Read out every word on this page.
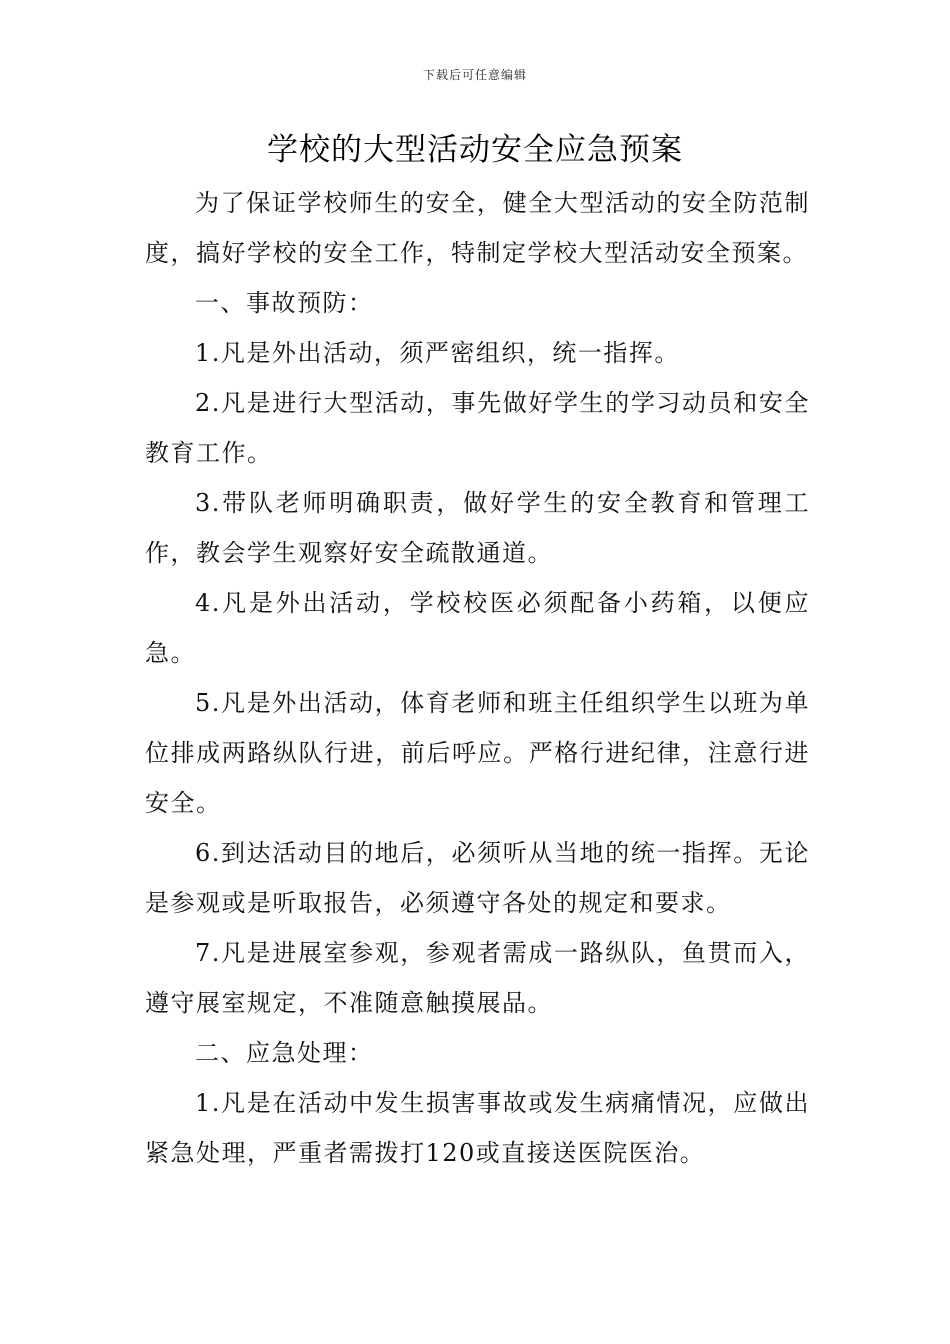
下载后可任意编辑
学校的大型活动安全应急预案

为了保证学校师生的安全，健全大型活动的安全防范制度，搞好学校的安全工作，特制定学校大型活动安全预案。

一、事故预防：

1.凡是外出活动，须严密组织，统一指挥。

2.凡是进行大型活动，事先做好学生的学习动员和安全教育工作。

3.带队老师明确职责，做好学生的安全教育和管理工作，教会学生观察好安全疏散通道。

4.凡是外出活动，学校校医必须配备小药箱，以便应急。

5.凡是外出活动，体育老师和班主任组织学生以班为单位排成两路纵队行进，前后呼应。严格行进纪律，注意行进安全。

6.到达活动目的地后，必须听从当地的统一指挥。无论是参观或是听取报告，必须遵守各处的规定和要求。

7.凡是进展室参观，参观者需成一路纵队，鱼贯而入，遵守展室规定，不准随意触摸展品。

二、应急处理：

1.凡是在活动中发生损害事故或发生病痛情况，应做出紧急处理，严重者需拨打120或直接送医院医治。
